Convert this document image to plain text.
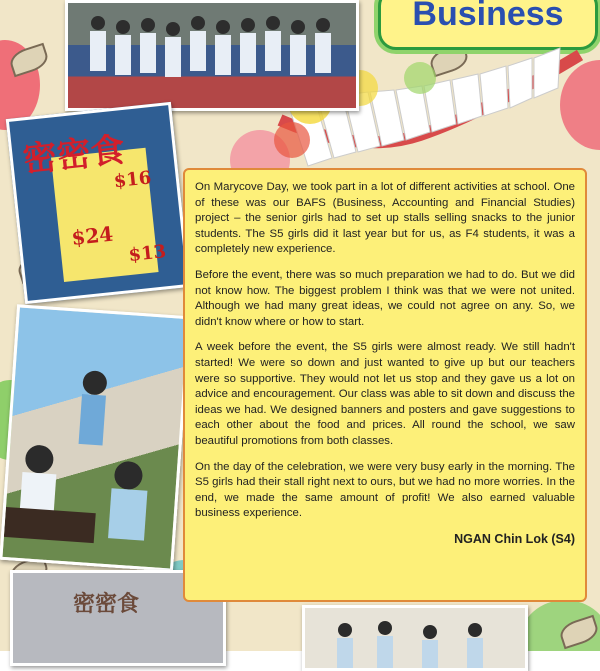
Business
密密食
$16
$24
$13
密密食

On Marycove Day, we took part in a lot of different activities at school. One of these was our BAFS (Business, Accounting and Financial Studies) project – the senior girls had to set up stalls selling snacks to the junior students. The S5 girls did it last year but for us, as F4 students, it was a completely new experience.

Before the event, there was so much preparation we had to do. But we did not know how. The biggest problem I think was that we were not united. Although we had many great ideas, we could not agree on any. So, we didn't know where or how to start.

A week before the event, the S5 girls were almost ready. We still hadn't started! We were so down and just wanted to give up but our teachers were so supportive. They would not let us stop and they gave us a lot on advice and encouragement. Our class was able to sit down and discuss the ideas we had. We designed banners and posters and gave suggestions to each other about the food and prices. All round the school, we saw beautiful promotions from both classes.

On the day of the celebration, we were very busy early in the morning. The S5 girls had their stall right next to ours, but we had no more worries. In the end, we made the same amount of profit! We also earned valuable business experience.

NGAN Chin Lok (S4)
